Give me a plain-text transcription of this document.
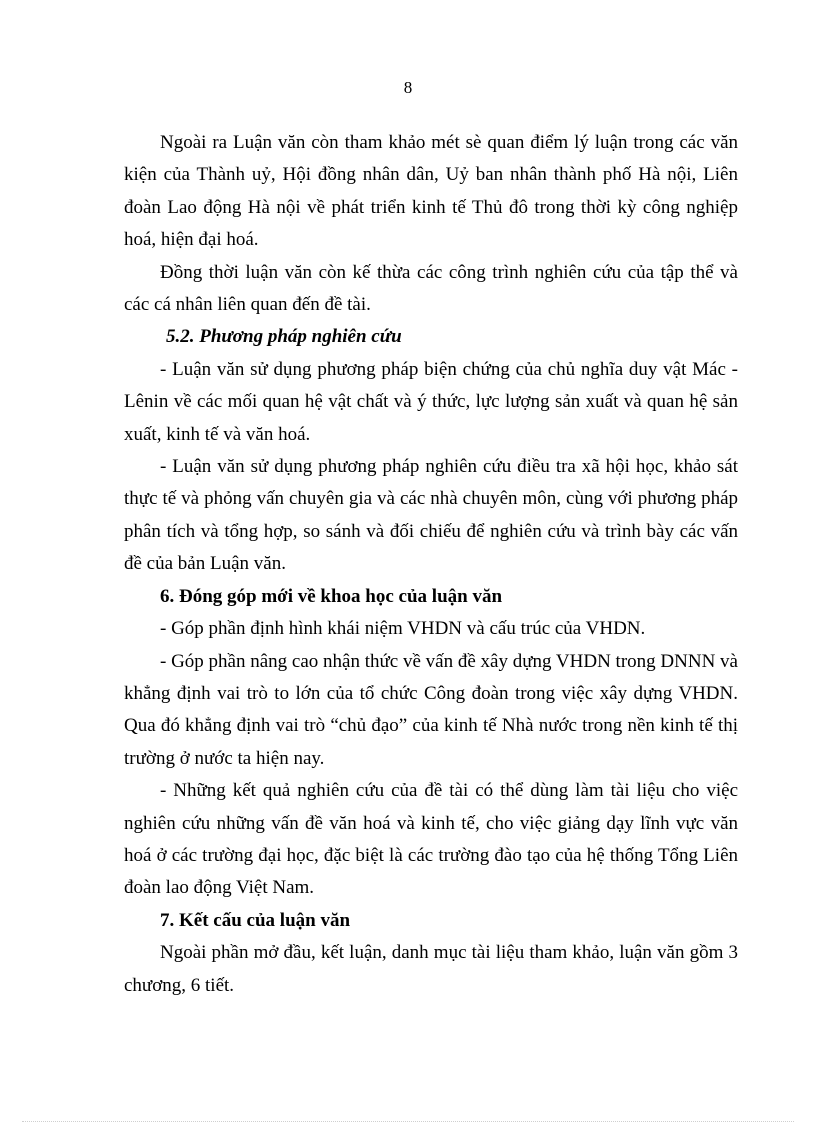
8

Ngoài ra Luận văn còn tham khảo mét sè quan điểm lý luận trong các văn kiện của Thành uỷ, Hội đồng nhân dân, Uỷ ban nhân thành phố Hà nội, Liên đoàn Lao động Hà nội về phát triển kinh tế Thủ đô trong thời kỳ công nghiệp hoá, hiện đại hoá.

Đồng thời luận văn còn kế thừa các công trình nghiên cứu của tập thể và các cá nhân liên quan đến đề tài.

5.2. Phương pháp nghiên cứu

- Luận văn sử dụng phương pháp biện chứng của chủ nghĩa duy vật Mác - Lênin về các mối quan hệ vật chất và ý thức, lực lượng sản xuất và quan hệ sản xuất, kinh tế và văn hoá.

- Luận văn sử dụng phương pháp nghiên cứu điều tra xã hội học, khảo sát thực tế và phỏng vấn chuyên gia và các nhà chuyên môn, cùng với phương pháp phân tích và tổng hợp, so sánh và đối chiếu để nghiên cứu và trình bày các vấn đề của bản Luận văn.

6. Đóng góp mới về khoa học của luận văn

- Góp phần định hình khái niệm VHDN và cấu trúc của VHDN.

- Góp phần nâng cao nhận thức về vấn đề xây dựng VHDN trong DNNN và khẳng định vai trò to lớn của tổ chức Công đoàn trong việc xây dựng VHDN. Qua đó khẳng định vai trò “chủ đạo” của kinh tế Nhà nước trong nền kinh tế thị trường ở nước ta hiện nay.

- Những kết quả nghiên cứu của đề tài có thể dùng làm tài liệu cho việc nghiên cứu những vấn đề văn hoá và kinh tế, cho việc giảng dạy lĩnh vực văn hoá ở các trường đại học, đặc biệt là các trường đào tạo của hệ thống Tổng Liên đoàn lao động Việt Nam.

7. Kết cấu của luận văn

Ngoài phần mở đầu, kết luận, danh mục tài liệu tham khảo, luận văn gồm 3 chương, 6 tiết.
